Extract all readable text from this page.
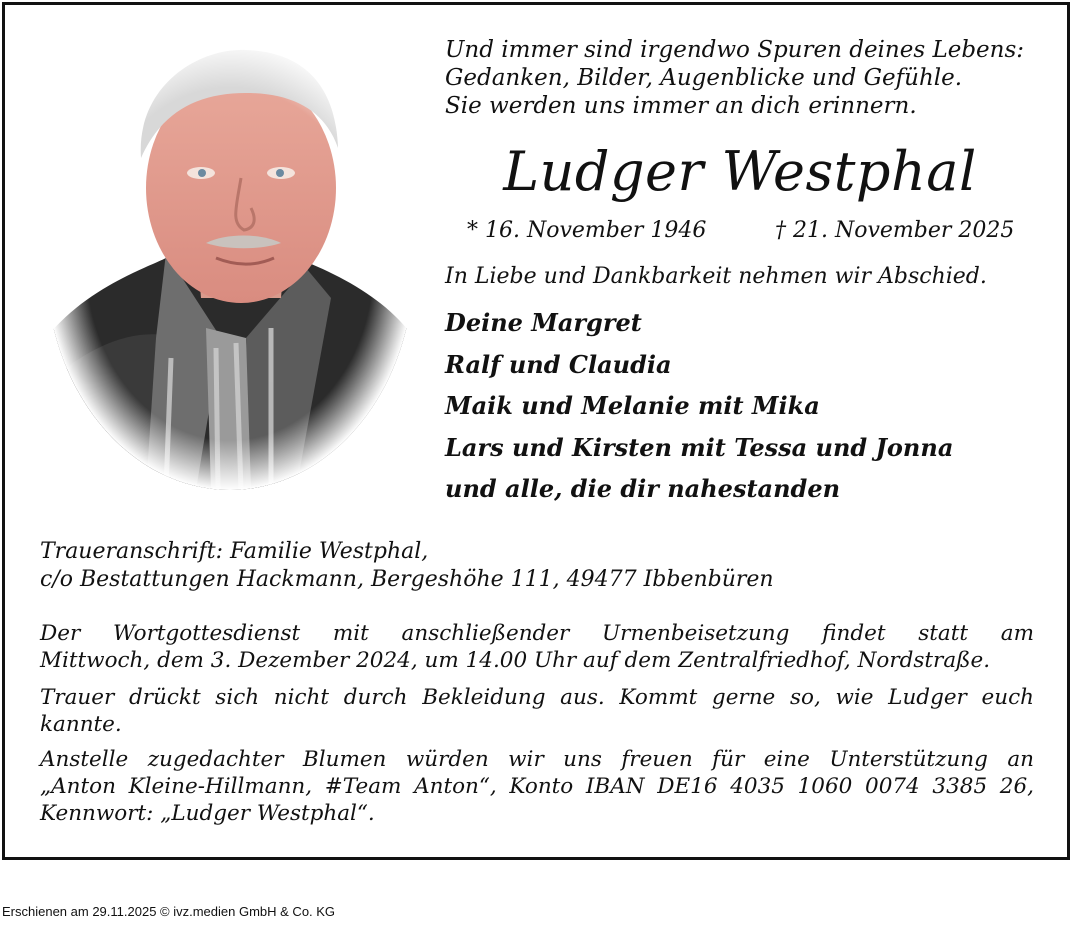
Und immer sind irgendwo Spuren deines Lebens:
Gedanken, Bilder, Augenblicke und Gefühle.
Sie werden uns immer an dich erinnern.
Ludger Westphal
* 16. November 1946	† 21. November 2025
In Liebe und Dankbarkeit nehmen wir Abschied.
Deine Margret
Ralf und Claudia
Maik und Melanie mit Mika
Lars und Kirsten mit Tessa und Jonna
und alle, die dir nahestanden
Traueranschrift: Familie Westphal,
c/o Bestattungen Hackmann, Bergeshöhe 111, 49477 Ibbenbüren
Der Wortgottesdienst mit anschließender Urnenbeisetzung findet statt am
Mittwoch, dem 3. Dezember 2024, um 14.00 Uhr auf dem Zentralfriedhof, Nordstraße.
Trauer drückt sich nicht durch Bekleidung aus. Kommt gerne so, wie Ludger euch
kannte.
Anstelle zugedachter Blumen würden wir uns freuen für eine Unterstützung an
„Anton Kleine-Hillmann, #Team Anton“, Konto IBAN DE16 4035 1060 0074 3385 26,
Kennwort: „Ludger Westphal“.
Erschienen am 29.11.2025 © ivz.medien GmbH & Co. KG
